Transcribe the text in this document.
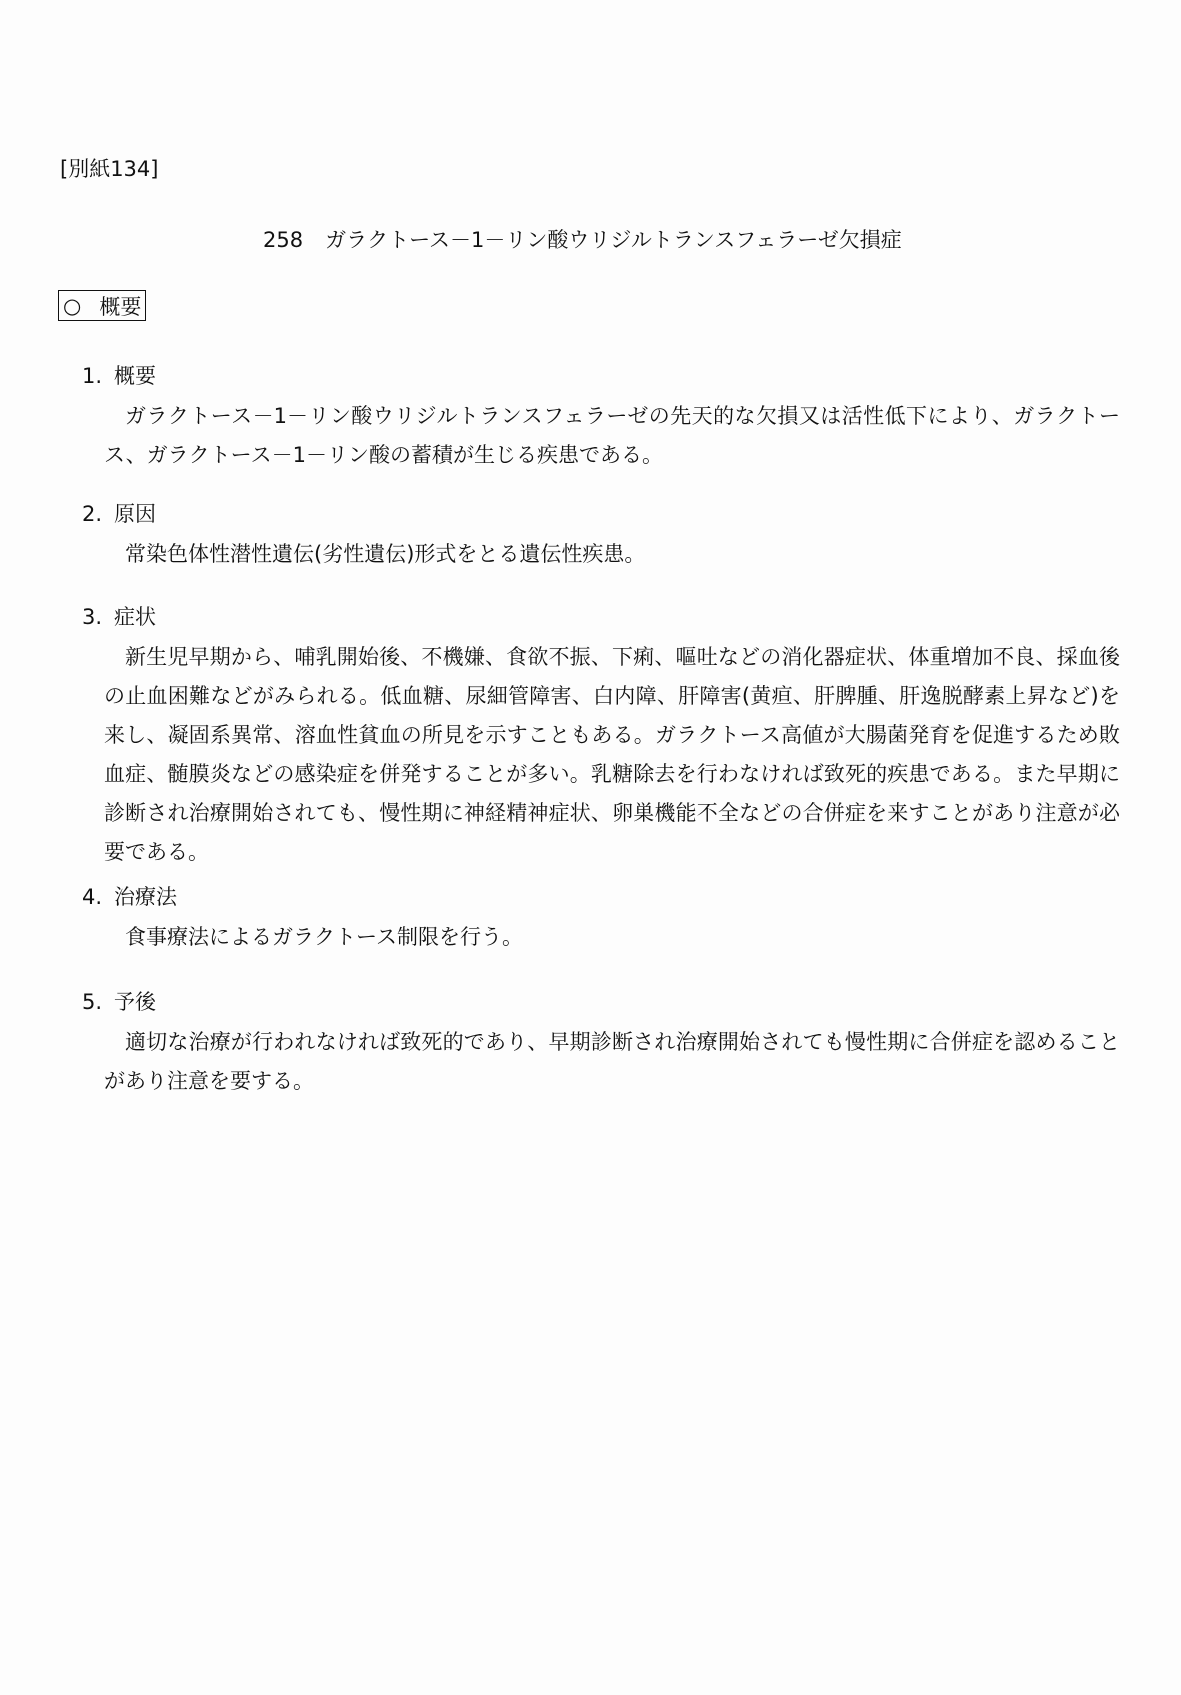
[別紙134]
258 ガラクトース－1－リン酸ウリジルトランスフェラーゼ欠損症
○ 概要
1. 概要
ガラクトース－1－リン酸ウリジルトランスフェラーゼの先天的な欠損又は活性低下により、ガラクトース、ガラクトース－1－リン酸の蓄積が生じる疾患である。
2. 原因
常染色体性潜性遺伝(劣性遺伝)形式をとる遺伝性疾患。
3. 症状
新生児早期から、哺乳開始後、不機嫌、食欲不振、下痢、嘔吐などの消化器症状、体重増加不良、採血後の止血困難などがみられる。低血糖、尿細管障害、白内障、肝障害(黄疸、肝脾腫、肝逸脱酵素上昇など)を来し、凝固系異常、溶血性貧血の所見を示すこともある。ガラクトース高値が大腸菌発育を促進するため敗血症、髄膜炎などの感染症を併発することが多い。乳糖除去を行わなければ致死的疾患である。また早期に診断され治療開始されても、慢性期に神経精神症状、卵巣機能不全などの合併症を来すことがあり注意が必要である。
4. 治療法
食事療法によるガラクトース制限を行う。
5. 予後
適切な治療が行われなければ致死的であり、早期診断され治療開始されても慢性期に合併症を認めることがあり注意を要する。
